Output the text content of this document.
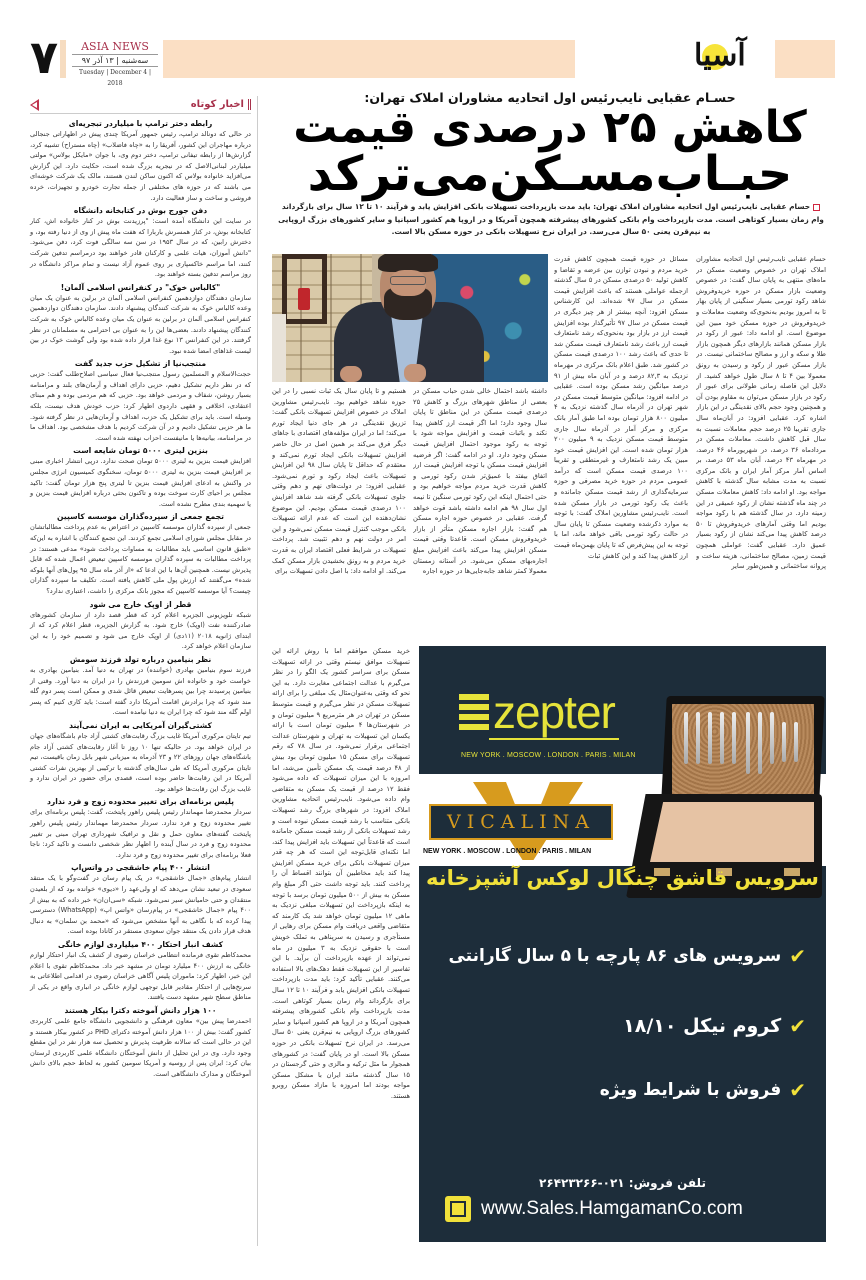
۷	ASIA NEWS
سه‌شنبه | ۱۳ آذر ۹۷
Tuesday | December 4 | 2018
آسیا
اخبار کوتاه
رابطه دختر ترامپ با میلیاردر تبجریه‌ای

در حالی که دونالد ترامپ، رئیس جمهور آمریکا چندی پیش در اظهاراتی جنجالی درباره مهاجران این کشور، آفریقا را به «چاه فاضلاب» (چاه مستراح) تشبیه کرد، گزارش‌ها از رابطه تیفانی ترامپ، دختر دوم وی، با جوان «مایکل بولاس» مولتی میلیاردر لبنانی‌الاصل که در نیجریه بزرگ شده است، حکایت دارد. این گزارش می‌افزاید خانواده بولاس که اکنون ساکن لندن هستند، مالک یک شرکت خوشه‌ای می باشند که در حوزه های مختلفی از جمله تجارت خودرو و تجهیزات، خرده فروشی و ساخت و ساز فعالیت دارد.

دفن جورج بوش در کتابخانه دانشگاه

در سایت این دانشگاه آمده است: "پرزیدنت بوش در کنار خانواده اش، کنار کتابخانه بوش، در کنار همسرش باربارا که هفت ماه پیش از وی از دنیا رفته بود، و دخترش رابین، که در سال ۱۹۵۳ در سن سه سالگی فوت کرد، دفن می‌شود. "دانش آموزان، هیات علمی و کارکنان قادر خواهند بود درمراسم تدفین شرکت کنند، اما مراسم خاکسپاری بر روی عموم آزاد نیست و تمام مراکز دانشگاه در روز مراسم تدفین بسته خواهند بود.

"کالباس خوک" در کنفرانس اسلامی آلمان!

سازمان دهندگان دوازدهمین کنفرانس اسلامی آلمان در برلین به عنوان یک میان وعده کالباس خوک به شرکت کنندگان پیشنهاد دادند. سازمان دهندگان دوازدهمین کنفرانس اسلامی آلمان در برلین به عنوان یک میان وعده کالباس خوک به شرکت کنندگان پیشنهاد دادند. بعضی‌ها این را به عنوان بی احترامی به مسلمانان در نظر گرفتند. در این کنفرانس ۱۳ نوع غذا قرار داده شده بود ولی گوشت خوک در بین لیست غذاهای امضا شده نبود.

منتجب‌نیا از تشکیل حزب جدید گفت

حجت‌الاسلام و المسلمین رسول منتجب‌نیا فعال سیاسی اصلاح‌طلب گفت: حزبی که در نظر داریم تشکیل دهیم، حزبی دارای اهداف و آرمان‌های بلند و مرامنامه بسیار روشن، شفاف و مردمی خواهد بود. حزبی که هم مردمی بوده و هم مبنای اعتقادی، اخلاقی و فقهی داردوی اظهار کرد: حزب خودش هدف نیست، بلکه وسیله است. باید برای تشکیل یک حزب، اهداف و آرمان‌هایی در نظر گرفته شود. ما هر حزبی تشکیل دادیم و در آن شرکت کردیم با هدف مشخصی بود. اهداف ما در مرامنامه، بیانیه‌ها یا مانیفست احزاب نهفته شده است.

بنزین لیتری ۵۰۰۰ تومان شایعه است

افزایش قیمت بنزین به لیتری ۵۰۰۰ تومان صحت ندارد. درپی انتشار اخباری مبنی بر افزایش قیمت بنزین به لیتری ۵۰۰۰ تومان، سخنگوی کمیسیون انرژی مجلس در واکنش به ادعای افزایش قیمت بنزین تا لیتری پنج هزار تومان گفت: تاکید مجلس بر احیای کارت سوخت بوده و تاکنون بحثی درباره افزایش قیمت بنزین و یا سهمیه بندی مطرح نشده است.

تجمع جمعی از سپرده‌گذاران موسسه کاسپین

جمعی از سپرده گذاران موسسه کاسپین در اعتراض به عدم پرداخت مطالباتشان در مقابل مجلس شورای اسلامی تجمع کردند. این تجمع کنندگان با اشاره به این‌که «طبق قانون اساسی باید مطالبات به مساوات پرداخت شود» مدعی هستند: در پرداخت مطالبات به سپرده گذاران موسسه کاسپین تبعیض اعمال شده که قابل پذیرش نیست. همچنین آن‌ها با این ادعا که «از آذر ماه سال ۹۵ پول‌های آنها بلوکه شده» می‌گفتند که ارزش پول ملی کاهش یافته است. تکلیف ما سپرده گذاران چیست؟ آیا موسسه کاسپین که مجوز بانک مرکزی را داشت، اعتباری ندارد؟

قطر از اوپک خارج می شود

شبکه تلویزیونی الجزیره اعلام کرد که قطر قصد دارد از سازمان کشورهای صادرکننده نفت (اوپک) خارج شود. به گزارش الجزیره، قطر اعلام کرد که از ابتدای ژانویه ۲۰۱۸ (۱۱دی) از اوپک خارج می شود و تصمیم خود را به این سازمان اعلام خواهد کرد.

نظر بنیامین درباره تولد فرزند سومش

فرزند سوم بنیامین بهادری (خواننده) در تهران به دنیا آمد. بنیامین بهادری به خواست خود و خانواده اش سومین فرزندش را در ایران به دنیا آورد. وقتی از بنیامین پرسیدند چرا بین پسرهایت تبعیض قائل شدی و ممکن است پسر دوم گله مند شود که چرا برادرش اقامت آمریکا دارد گفته است: باید کاری کنیم که پسر اولم گله مند شود که چرا ایران به دنیا نیامده است.

کشتی‌گیران آمریکایی به ایران نمی‌آیند

تیم تایتان مرکوری آمریکا غایب بزرگ رقابت‌های کشتی آزاد جام باشگاه‌های جهان در ایران خواهد بود. در حالیکه تنها ۱۰ روز تا آغاز رقابت‌های کشتی آزاد جام باشگاه‌های جهان روزهای ۲۲ و ۲۳ آذرماه به میزبانی شهر بابل زمان باقیست، تیم تایتان مرکوری آمریکا که طی سال‌های گذشته با ترکیبی از بهترین نفرات کشتی آمریکا در این رقابت‌ها حاضر بوده است، قصدی برای حضور در ایران ندارد و غایب بزرگ این رقابت‌ها خواهد بود.

پلیس برنامه‌ای برای تغییر محدوده زوج و فرد ندارد

سردار محمدرضا مهماندار رئیس پلیس راهور پایتخت، گفت: پلیس برنامه‌ای برای تغییر محدوده زوج و فرد ندارد. سردار محمدرضا مهماندار رئیس پلیس راهور پایتخت گفته‌های معاون حمل و نقل و ترافیک شهرداری تهران مبنی بر تغییر محدوده زوج و فرد در سال آینده را اظهار نظر شخصی دانست و تاکید کرد: ناجا فعلا برنامه‌ای برای تغییر محدوده زوج و فرد ندارد.

انتشار ۴۰۰ پیام خاشقجی در واتس‌اپ

انتشار پیام‌های «جمال خاشقجی» در یک پیام رسان در گفت‌وگو با یک منتقد سعودی در تبعید نشان می‌دهد که او ولی‌عهد را «دیوی» خوانده بود که از بلعیدن منتقدان و حتی حامیانش سیر نمی‌شود. شبکه «سی‌ان‌ان» خبر داده که به بیش از ۴۰۰ پیام «جمال خاشقجی» در پیام‌رسان «واتس اپ» (WhatsApp) دسترسی پیدا کرده که با نگاهی به آنها مشخص می‌شود که «محمد بن سلمان» به دنبال هدف قرار دادن یک منتقد جوان سعودی مستقر در کانادا بوده است.

کشف انبار احتکار ۴۰۰ میلیاردی لوازم خانگی

محمدکاظم تقوی فرمانده انتظامی خراسان رضوی از کشف یک انبار احتکار لوازم خانگی به ارزش ۴۰۰ میلیارد تومان در مشهد خبر داد. محمدکاظم تقوی با اعلام این خبر، اظهار کرد: ماموران پلیس آگاهی خراسان رضوی در اقدامی اطلاعاتی به سرنخ‌هایی از احتکار مقادیر قابل توجهی لوازم خانگی در انباری واقع در یکی از مناطق سطح شهر مشهد دست یافتند.

۱۰۰ هزار دانش آموخته دکترا بیکار هستند

احمدرضا پیش بین» معاون فرهنگی و دانشجویی دانشگاه جامع علمی کاربردی کشور گفت: بیش از ۱۰۰ هزار دانش آموخته دکترای PHD در کشور بیکار هستند و این در حالی است که سالانه ظرفیت پذیرش و تحصیل سه هزار نفر در این مقطع وجود دارد. وی در این تحلیل از دانش آموختگان دانشگاه علمی کاربردی لرستان بیان کرد: ایران پس از روسیه و آمریکا سومین کشور به لحاظ حجم بالای دانش آموختگان و مدارک دانشگاهی است.

حسـام عقبایی نایب‌رئیس اول اتحادیه مشاوران املاک تهران:
کاهش ۲۵ درصدی قیمت
حبـاب‌مسـکن‌می‌ترکد
حسام عقبایی نایب‌رئیس اول اتحادیه مشاوران املاک تهران: باید مدت بازپرداخت تسهیلات بانکی افزایش یابد و فرآیند ۱۰ تا ۱۲ سال برای بازگرداند وام زمان بسیار کوتاهی است. مدت بازپرداخت وام بانکی کشورهای پیشرفته همچون آمریکا و در اروپا هم کشور اسپانیا و سایر کشورهای بزرگ اروپایی به نیم‌قرن یعنی ۵۰ سال می‌رسد. در ایران نرخ تسهیلات بانکی در حوزه مسکن بالا است.

حسام عقبایی نایب‌رئیس اول اتحادیه مشاوران املاک تهران در خصوص وضعیت مسکن در ماه‌های منتهی به پایان سال گفت: در خصوص وضعیت بازار مسکن در حوزه خریدوفروش شاهد رکود تورمی بسیار سنگینی از پایان بهار تا به امروز بودیم به‌نحوی‌که وضعیت معاملات و خریدوفروش در حوزه مسکن خود مبین این موضوع است. او ادامه داد: عبور از رکود در بازار مسکن همانند بازارهای دیگر همچون بازار طلا و سکه و ارز و مصالح ساختمانی نیست. در بازار مسکن عبور از رکود و رسیدن به رونق معمولا بین ۴ تا ۸ سال طول خواهد کشید. از دلایل این فاصله زمانی طولانی برای عبور از رکود در بازار مسکن می‌توان به مقاوم بودن آن و همچنین وجود حجم بالای نقدینگی در این بازار اشاره کرد. عقبایی افزود: در آبان‌ماه سال جاری تقریبا ۲۵ درصد حجم معاملات نسبت به سال قبل کاهش داشت. معاملات مسکن در مردادماه ۳۶ درصد، در شهریورماه ۴۶ درصد، در مهرماه ۴۳ درصد، آبان ماه ۵۳ درصد، بر اساس آمار مرکز آمار ایران و بانک مرکزی نسبت به مدت مشابه سال گذشته با کاهش مواجه بود. او ادامه داد: کاهش معاملات مسکن در چند ماه گذشته نشان از رکود عمیقی در این زمینه دارد. در سال گذشته هم با رکود مواجه بودیم اما وقتی آمارهای خریدوفروش تا ۵۰ درصد کاهش پیدا می‌کند نشان از رکود بسیار عمیق دارد. عقبایی گفت: عواملی همچون قیمت زمین، مصالح ساختمانی، هزینه ساخت و پروانه ساختمانی و همین‌طور سایر

مسائل در حوزه قیمت همچون کاهش قدرت خرید مردم و نبودن توازن بین عرضه و تقاضا و کاهش تولید ۵۰ درصدی مسکن در ۵ سال گذشته ازجمله عواملی هستند که باعث افزایش قیمت مسکن در سال ۹۷ شده‌اند. این کارشناس مسکن افزود: آنچه بیشتر از هر چیز دیگری در قیمت مسکن در سال ۹۷ تأثیرگذار بوده افزایش قیمت ارز در بازار بود به‌نحوی‌که رشد نامتعارف قیمت ارز باعث رشد نامتعارف قیمت مسکن شد تا حدی که باعث رشد ۱۰۰ درصدی قیمت مسکن در کشور شد. طبق اعلام بانک مرکزی در مهرماه نزدیک به ۸۲,۳ درصد و در آبان ماه بیش از ۹۱ درصد میانگین رشد مسکن بوده است. عقبایی در ادامه افزود: میانگین متوسط قیمت مسکن در شهر تهران در آذرماه سال گذشته نزدیک به ۴ میلیون ۸۰۰ هزار تومان بوده اما طبق آمار بانک مرکزی و مرکز آمار در آذرماه سال جاری متوسط قیمت مسکن نزدیک به ۹ میلیون ۲۰۰ هزار تومان شده است. این افزایش قیمت خود مبین یک رشد نامتعارف و غیرمنطقی و تقریبا ۱۰۰ درصدی قیمت مسکن است که درآمد عمومی مردم در حوزه خرید مصرفی و حوزه سرمایه‌گذاری از رشد قیمت مسکن جامانده و باعث یک رکود تورمی در بازار مسکن شده است. نایب‌رئیس مشاورین املاک گفت: با توجه به موارد ذکرشده وضعیت مسکن تا پایان سال در حالت رکود تورمی باقی خواهد ماند، اما با توجه به این پیش‌فرض که تا پایان بهمن‌ماه قیمت ارز کاهش پیدا کند و این کاهش ثبات

داشته باشد احتمال خالی شدن حباب مسکن در بعضی از مناطق شهرهای بزرگ و کاهش ۲۵ درصدی قیمت مسکن در این مناطق تا پایان سال وجود دارد؛ اما اگر قیمت ارز کاهش پیدا نکند و باثبات قیمت و افزایش مواجه شود با توجه به رکود موجود احتمال افزایش قیمت مسکن وجود دارد. او در ادامه گفت: اگر فرضیه افزایش قیمت مسکن با توجه افزایش قیمت ارز اتفاق بیفتد با عمیق‌تر شدن رکود تورمی و کاهش قدرت خرید مردم مواجه خواهیم بود و حتی احتمال اینکه این رکود تورمی سنگین تا نیمه اول سال ۹۸ هم ادامه داشته باشد قوت خواهد گرفت. عقبایی در خصوص حوزه اجاره مسکن هم گفت: بازار اجاره مسکن متأثر از بازار خریدوفروش مسکن است. قاعدتا وقتی قیمت مسکن افزایش پیدا می‌کند باعث افزایش مبلغ اجاره‌بهای مسکن می‌شود. در آستانه زمستان معمولا کمتر شاهد جابه‌جایی‌ها در حوزه اجاره

هستیم و تا پایان سال یک ثبات نسبی را در این حوزه شاهد خواهیم بود. نایب‌رئیس مشاورین املاک در خصوص افزایش تسهیلات بانکی گفت: تزریق نقدینگی در هر جای دنیا ایجاد تورم می‌کند؛ اما در ایران مؤلفه‌های اقتصادی با جاهای دیگر فرق می‌کند بر همین اصل در حال حاضر افزایش تسهیلات بانکی ایجاد تورم نمی‌کند و معتقدم که حداقل تا پایان سال ۹۸ این افزایش تسهیلات باعث ایجاد رکود و تورم نمی‌شود. عقبایی افزود: در دولت‌های نهم و دهم وقتی جلوی تسهیلات بانکی گرفته شد شاهد افزایش ۱۰۰ درصدی قیمت مسکن بودیم. این موضوع نشان‌دهنده این است که عدم ارائه تسهیلات بانکی موجب کنترل قیمت مسکن نمی‌شود و این امر در دولت نهم و دهم تثبیت شد. پرداخت تسهیلات در شرایط فعلی اقتصاد ایران به قدرت خرید مردم و به رونق بخشیدن بازار مسکن کمک می‌کند. او ادامه داد: با اصل دادن تسهیلات برای

خرید مسکن موافقم اما با روش ارائه این تسهیلات موافق نیستم وقتی در ارائه تسهیلات مسکن برای سراسر کشور یک الگو را در نظر می‌گیرم با عدالت اجتماعی مغایرت دارد. به این نحو که وقتی به‌عنوان‌مثال یک مبلغی را برای ارائه تسهیلات مسکن در نظر می‌گیرم و قیمت متوسط مسکن در تهران در هر مترمربع ۹ میلیون تومان و در شهرستان‌ها ۴ میلیون تومان است با ارائه یکسان این تسهیلات به تهران و شهرستان عدالت اجتماعی برقرار نمی‌شود. در سال ۷۸ که رقم تسهیلات برای مسکن ۱۵ میلیون تومان بود بیش از ۴۸ درصد قیمت یک مسکن تأمین می‌شد، اما امروزه با این میزان تسهیلات که داده می‌شود فقط ۱۲ درصد از قیمت یک مسکن به متقاضی وام داده می‌شود. نایب‌رئیس اتحادیه مشاورین املاک افزود: در شهرهای بزرگ رشد تسهیلات بانکی متناسب با رشد قیمت مسکن نبوده است و رشد تسهیلات بانکی از رشد قیمت مسکن جامانده است که قاعدتاً این تسهیلات باید افزایش پیدا کند، اما نکته‌ای قابل‌توجه این است که هر چه قدر میزان تسهیلات بانکی برای خرید مسکن افزایش پیدا کند باید مخاطبین آن بتوانند اقساط آن را پرداخت کنند. باید توجه داشت حتی اگر مبلغ وام مسکن به بیش از ۵۰۰ میلیون تومان برسد با توجه به اینکه بازپرداخت این تسهیلات مبلغی نزدیک به ماهی ۱۲ میلیون تومان خواهد شد یک کارمند که متقاضی واقعی دریافت وام مسکن برای رهایی از مستأجری و رسیدن به سرپناهی به تملک خویش است با حقوقی نزدیک به ۳ میلیون در ماه نمی‌تواند از عهده بازپرداخت آن برآید. با این تفاسیر از این تسهیلات فقط دهک‌های بالا استفاده می‌کنند. عقبایی تأکید کرد: باید مدت بازپرداخت تسهیلات بانکی افزایش یابد و فرآیند ۱۰ تا ۱۲ سال برای بازگرداند وام زمان بسیار کوتاهی است. مدت بازپرداخت وام بانکی کشورهای پیشرفته همچون آمریکا و در اروپا هم کشور اسپانیا و سایر کشورهای بزرگ اروپایی به نیم‌قرن یعنی ۵۰ سال می‌رسد. در ایران نرخ تسهیلات بانکی در حوزه مسکن بالا است. او در پایان گفت: در کشورهای همجوار ما مثل ترکیه و مالزی و حتی گرجستان در ۱۵ سال گذشته مانند ایران با مشکل مسکن مواجه بودند اما امروزه با مازاد مسکن روبرو هستند.

zepter
NEW YORK . MOSCOW . LONDON . PARIS . MILAN
VICALINA
NEW YORK . MOSCOW . LONDON . PARIS . MILAN
سرویس قاشق چنگال لوکس آشپزخانه
✔
سرویس های ۸۶ پارچه با ۵ سال گارانتی
✔
کروم نیکل ۱۸/۱۰
✔
فروش با شرایط ویژه
تلفن فروش: ۰۲۱-۲۶۴۲۳۲۶۶
www.Sales.HamgamanCo.com
